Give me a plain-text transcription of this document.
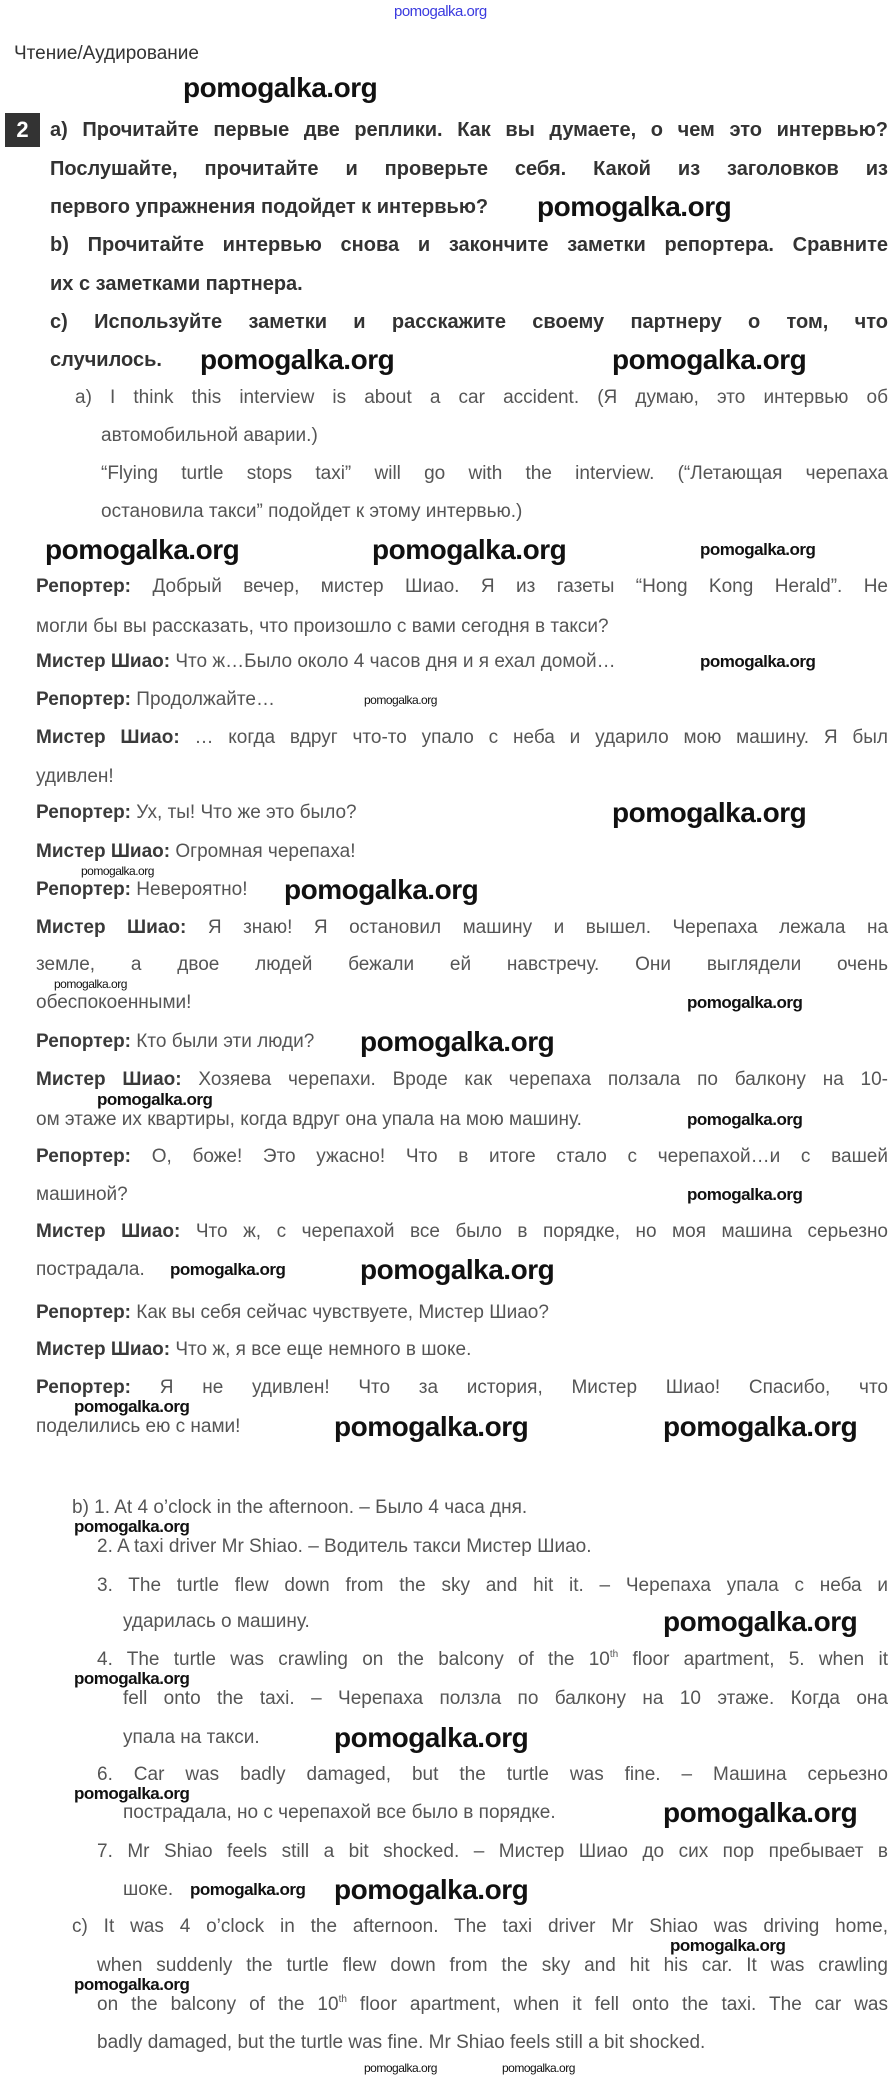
Чтение/Аудирование
2	a) Прочитайте первые две реплики. Как вы думаете, о чем это интервью?
Послушайте, прочитайте и проверьте себя. Какой из заголовков из
первого упражнения подойдет к интервью?
b) Прочитайте интервью снова и закончите заметки репортера. Сравните
их с заметками партнера.
c) Используйте заметки и расскажите своему партнеру о том, что
случилось.
a) I think this interview is about a car accident. (Я думаю, это интервью об
автомобильной аварии.)
“Flying turtle stops taxi” will go with the interview. (“Летающая черепаха
остановила такси” подойдет к этому интервью.)
Репортер: Добрый вечер, мистер Шиао. Я из газеты “Hong Kong Herald”. Не
могли бы вы рассказать, что произошло с вами сегодня в такси?
Мистер Шиао: Что ж…Было около 4 часов дня и я ехал домой…
Репортер: Продолжайте…
Мистер Шиао: … когда вдруг что-то упало с неба и ударило мою машину. Я был
удивлен!
Репортер: Ух, ты! Что же это было?
Мистер Шиао: Огромная черепаха!
Репортер: Невероятно!
Мистер Шиао: Я знаю! Я остановил машину и вышел. Черепаха лежала на
земле, а двое людей бежали ей навстречу. Они выглядели очень
обеспокоенными!
Репортер: Кто были эти люди?
Мистер Шиао: Хозяева черепахи. Вроде как черепаха ползала по балкону на 10-
ом этаже их квартиры, когда вдруг она упала на мою машину.
Репортер: О, боже! Это ужасно! Что в итоге стало с черепахой…и с вашей
машиной?
Мистер Шиао: Что ж, с черепахой все было в порядке, но моя машина серьезно
пострадала.
Репортер: Как вы себя сейчас чувствуете, Мистер Шиао?
Мистер Шиао: Что ж, я все еще немного в шоке.
Репортер: Я не удивлен! Что за история, Мистер Шиао! Спасибо, что
поделились ею с нами!
b) 1. At 4 o’clock in the afternoon. – Было 4 часа дня.
2. A taxi driver Mr Shiao. – Водитель такси Мистер Шиао.
3. The turtle flew down from the sky and hit it. – Черепаха упала с неба и
ударилась о машину.
4. The turtle was crawling on the balcony of the 10th floor apartment, 5. when it
fell onto the taxi. – Черепаха ползла по балкону на 10 этаже. Когда она
упала на такси.
6. Car was badly damaged, but the turtle was fine. – Машина серьезно
пострадала, но с черепахой все было в порядке.
7. Mr Shiao feels still a bit shocked. – Мистер Шиао до сих пор пребывает в
шоке.
c) It was 4 o’clock in the afternoon. The taxi driver Mr Shiao was driving home,
when suddenly the turtle flew down from the sky and hit his car. It was crawling
on the balcony of the 10th floor apartment, when it fell onto the taxi. The car was
badly damaged, but the turtle was fine. Mr Shiao feels still a bit shocked.
pomogalka.org
pomogalka.org
pomogalka.org
pomogalka.org	pomogalka.org
pomogalka.org	pomogalka.org	pomogalka.org
pomogalka.org
pomogalka.org
pomogalka.org
pomogalka.org
pomogalka.org
pomogalka.org
pomogalka.org
pomogalka.org
pomogalka.org
pomogalka.org
pomogalka.org
pomogalka.org	pomogalka.org
pomogalka.org
pomogalka.org	pomogalka.org
pomogalka.org
pomogalka.org
pomogalka.org
pomogalka.org
pomogalka.org
pomogalka.org
pomogalka.org pomogalka.org
pomogalka.org
pomogalka.org
pomogalka.org	pomogalka.org
